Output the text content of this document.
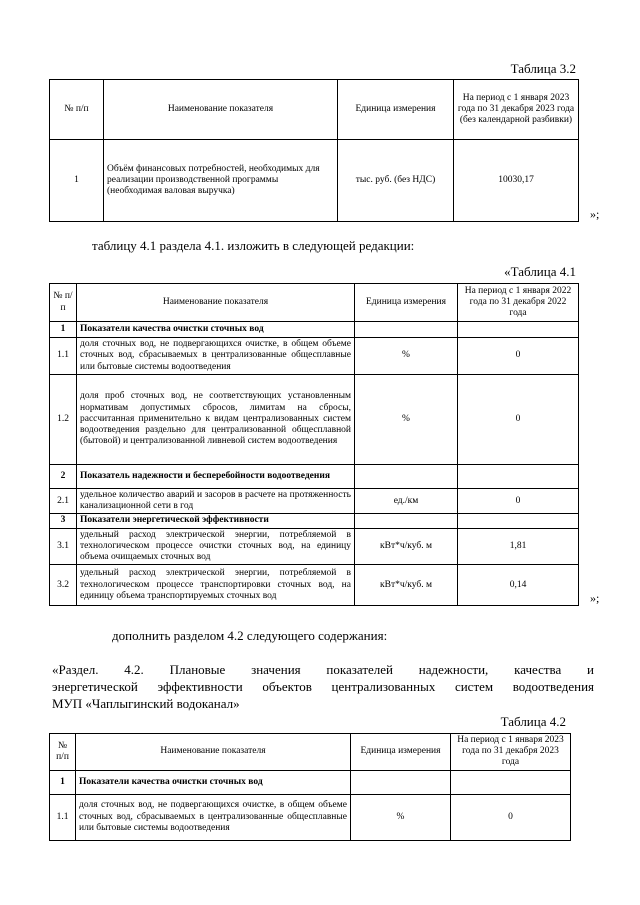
Таблица 3.2
№ п/п	Наименование показателя	Единица измерения	На период с 1 января 2023 года по 31 декабря 2023 года (без календарной разбивки)
1	Объём финансовых потребностей, необходимых для реализации производственной программы (необходимая валовая выручка)	тыс. руб. (без НДС)	10030,17
»;
таблицу 4.1 раздела 4.1. изложить в следующей редакции:
«Таблица 4.1
№ п/п	Наименование показателя	Единица измерения	На период с 1 января 2022 года по 31 декабря 2022 года
1	Показатели качества очистки сточных вод		
1.1	доля сточных вод, не подвергающихся очистке, в общем объеме сточных вод, сбрасываемых в централизованные общесплавные или бытовые системы водоотведения	%	0
1.2	доля проб сточных вод, не соответствующих установленным нормативам допустимых сбросов, лимитам на сбросы, рассчитанная применительно к видам централизованных систем водоотведения раздельно для централизованной общесплавной (бытовой) и централизованной ливневой систем водоотведения	%	0
2	Показатель надежности и бесперебойности водоотведения		
2.1	удельное количество аварий и засоров в расчете на протяженность канализационной сети в год	ед./км	0
3	Показатели энергетической эффективности		
3.1	удельный расход электрической энергии, потребляемой в технологическом процессе очистки сточных вод, на единицу объема очищаемых сточных вод	кВт*ч/куб. м	1,81
3.2	удельный расход электрической энергии, потребляемой в технологическом процессе транспортировки сточных вод, на единицу объема транспортируемых сточных вод	кВт*ч/куб. м	0,14
»;
дополнить разделом 4.2 следующего содержания:
«Раздел. 4.2. Плановые значения показателей надежности, качества и
энергетической эффективности объектов централизованных систем водоотведения
МУП «Чаплыгинский водоканал»
Таблица 4.2
№ п/п	Наименование показателя	Единица измерения	На период с 1 января 2023 года по 31 декабря 2023 года
1	Показатели качества очистки сточных вод		
1.1	доля сточных вод, не подвергающихся очистке, в общем объеме сточных вод, сбрасываемых в централизованные общесплавные или бытовые системы водоотведения	%	0
